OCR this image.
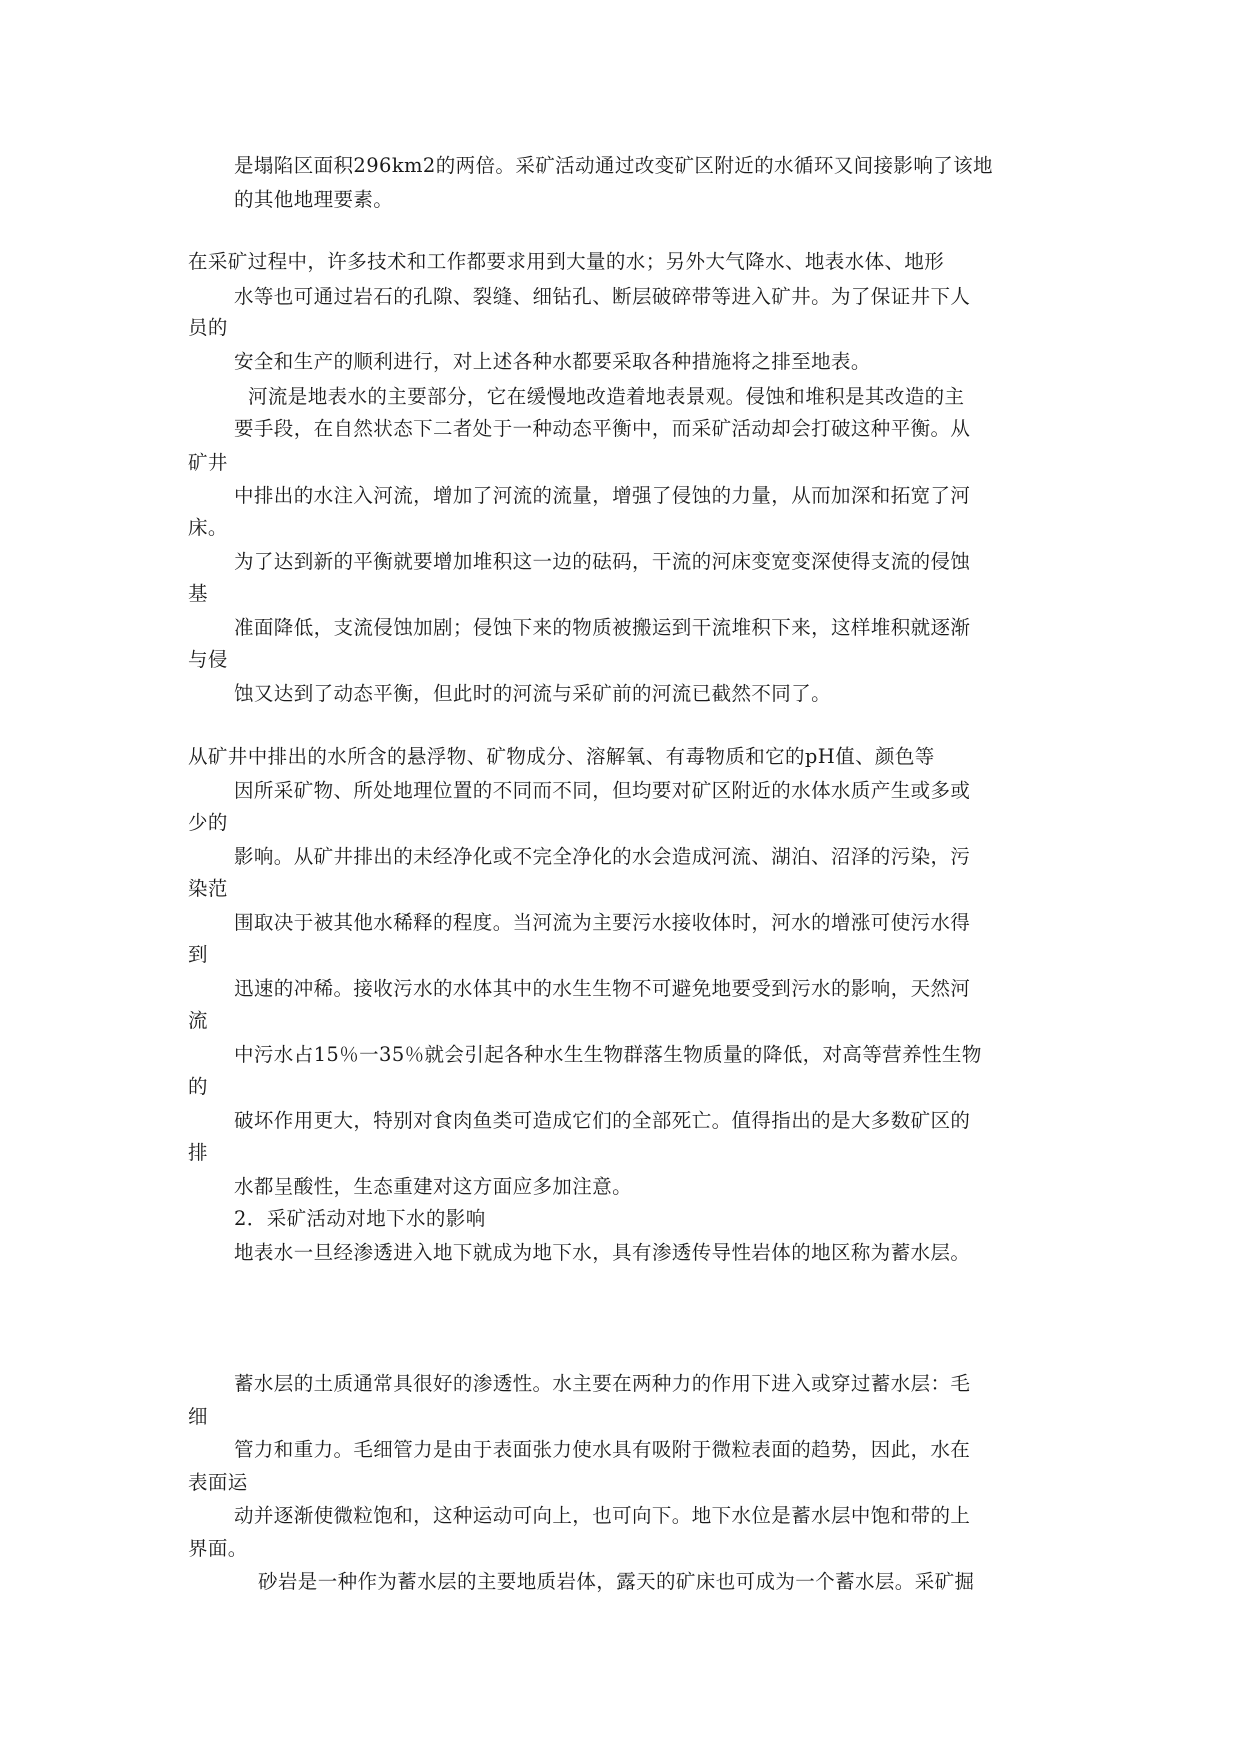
是塌陷区面积296km2的两倍。采矿活动通过改变矿区附近的水循环又间接影响了该地
的其他地理要素。
在采矿过程中，许多技术和工作都要求用到大量的水；另外大气降水、地表水体、地形
水等也可通过岩石的孔隙、裂缝、细钻孔、断层破碎带等进入矿井。为了保证井下人
员的
安全和生产的顺利进行，对上述各种水都要采取各种措施将之排至地表。
河流是地表水的主要部分，它在缓慢地改造着地表景观。侵蚀和堆积是其改造的主
要手段，在自然状态下二者处于一种动态平衡中，而采矿活动却会打破这种平衡。从
矿井
中排出的水注入河流，增加了河流的流量，增强了侵蚀的力量，从而加深和拓宽了河
床。
为了达到新的平衡就要增加堆积这一边的砝码，干流的河床变宽变深使得支流的侵蚀
基
准面降低，支流侵蚀加剧；侵蚀下来的物质被搬运到干流堆积下来，这样堆积就逐渐
与侵
蚀又达到了动态平衡，但此时的河流与采矿前的河流已截然不同了。
从矿井中排出的水所含的悬浮物、矿物成分、溶解氧、有毒物质和它的pH值、颜色等
因所采矿物、所处地理位置的不同而不同，但均要对矿区附近的水体水质产生或多或
少的
影响。从矿井排出的未经净化或不完全净化的水会造成河流、湖泊、沼泽的污染，污
染范
围取决于被其他水稀释的程度。当河流为主要污水接收体时，河水的增涨可使污水得
到
迅速的冲稀。接收污水的水体其中的水生生物不可避免地要受到污水的影响，天然河
流
中污水占15％一35％就会引起各种水生生物群落生物质量的降低，对高等营养性生物
的
破坏作用更大，特别对食肉鱼类可造成它们的全部死亡。值得指出的是大多数矿区的
排
水都呈酸性，生态重建对这方面应多加注意。
2．采矿活动对地下水的影响
地表水一旦经渗透进入地下就成为地下水，具有渗透传导性岩体的地区称为蓄水层。
蓄水层的土质通常具很好的渗透性。水主要在两种力的作用下进入或穿过蓄水层：毛
细
管力和重力。毛细管力是由于表面张力使水具有吸附于微粒表面的趋势，因此，水在
表面运
动并逐渐使微粒饱和，这种运动可向上，也可向下。地下水位是蓄水层中饱和带的上
界面。
砂岩是一种作为蓄水层的主要地质岩体，露天的矿床也可成为一个蓄水层。采矿掘
